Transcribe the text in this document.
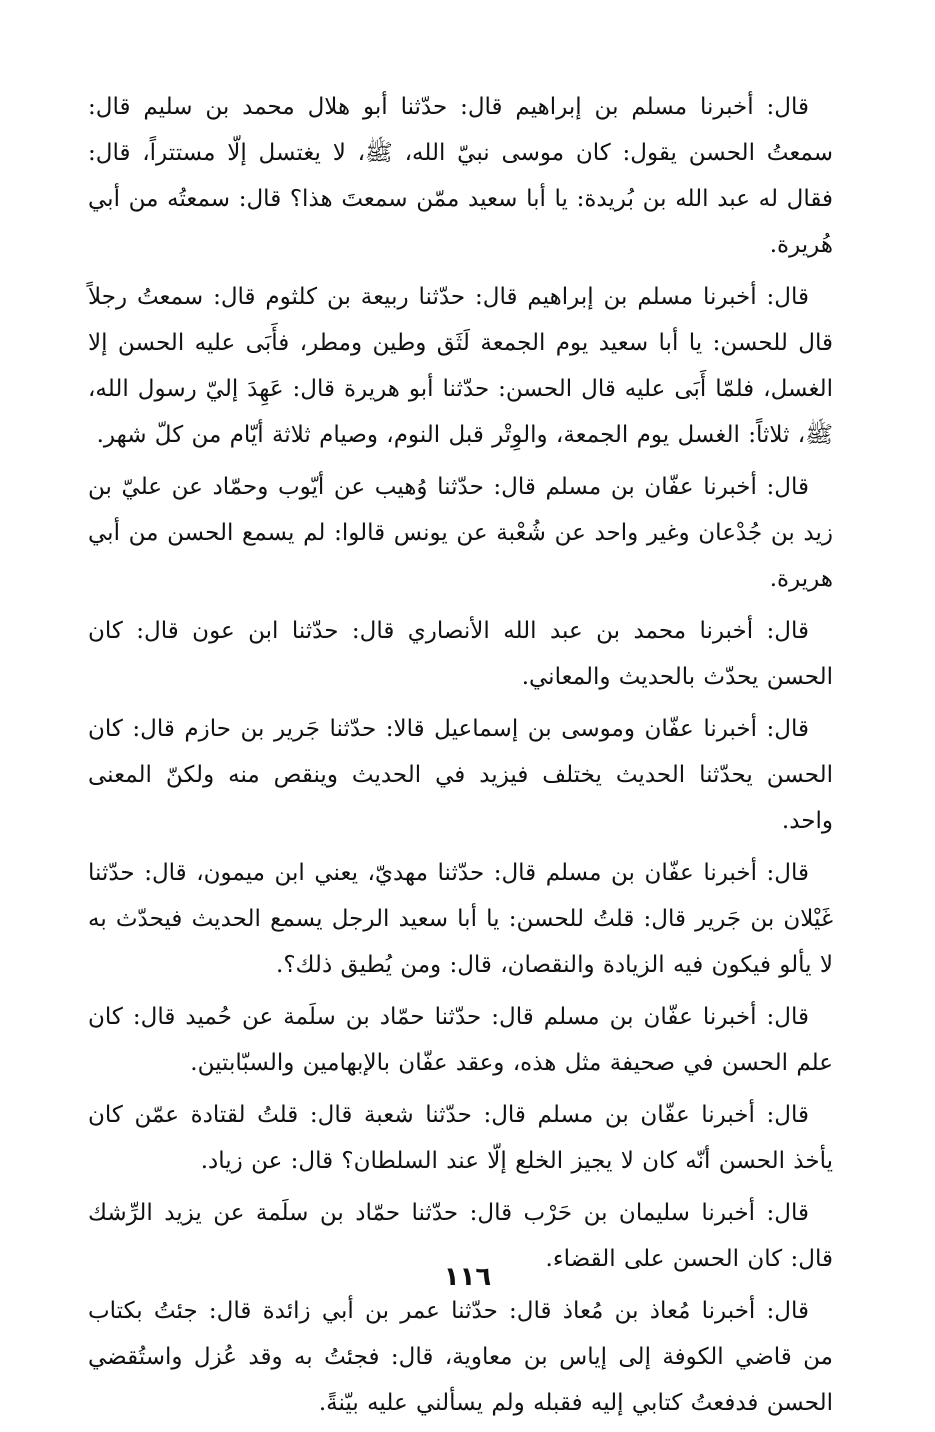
قال: أخبرنا مسلم بن إبراهيم قال: حدّثنا أبو هلال محمد بن سليم قال: سمعتُ الحسن يقول: كان موسى نبيّ الله، ﷺ، لا يغتسل إلّا مستتراً، قال: فقال له عبد الله بن بُريدة: يا أبا سعيد ممّن سمعتَ هذا؟ قال: سمعتُه من أبي هُريرة.

قال: أخبرنا مسلم بن إبراهيم قال: حدّثنا ربيعة بن كلثوم قال: سمعتُ رجلاً قال للحسن: يا أبا سعيد يوم الجمعة لَثَق وطين ومطر، فأَبَى عليه الحسن إلا الغسل، فلمّا أَبَى عليه قال الحسن: حدّثنا أبو هريرة قال: عَهِدَ إليّ رسول الله، ﷺ، ثلاثاً: الغسل يوم الجمعة، والوِتْر قبل النوم، وصيام ثلاثة أيّام من كلّ شهر.

قال: أخبرنا عفّان بن مسلم قال: حدّثنا وُهيب عن أيّوب وحمّاد عن عليّ بن زيد بن جُدْعان وغير واحد عن شُعْبة عن يونس قالوا: لم يسمع الحسن من أبي هريرة.

قال: أخبرنا محمد بن عبد الله الأنصاري قال: حدّثنا ابن عون قال: كان الحسن يحدّث بالحديث والمعاني.

قال: أخبرنا عفّان وموسى بن إسماعيل قالا: حدّثنا جَرير بن حازم قال: كان الحسن يحدّثنا الحديث يختلف فيزيد في الحديث وينقص منه ولكنّ المعنى واحد.

قال: أخبرنا عفّان بن مسلم قال: حدّثنا مهديّ، يعني ابن ميمون، قال: حدّثنا غَيْلان بن جَرير قال: قلتُ للحسن: يا أبا سعيد الرجل يسمع الحديث فيحدّث به لا يألو فيكون فيه الزيادة والنقصان، قال: ومن يُطيق ذلك؟.

قال: أخبرنا عفّان بن مسلم قال: حدّثنا حمّاد بن سلَمة عن حُميد قال: كان علم الحسن في صحيفة مثل هذه، وعقد عفّان بالإبهامين والسبّابتين.

قال: أخبرنا عفّان بن مسلم قال: حدّثنا شعبة قال: قلتُ لقتادة عمّن كان يأخذ الحسن أنّه كان لا يجيز الخلع إلّا عند السلطان؟ قال: عن زياد.

قال: أخبرنا سليمان بن حَرْب قال: حدّثنا حمّاد بن سلَمة عن يزيد الرِّشك قال: كان الحسن على القضاء.

قال: أخبرنا مُعاذ بن مُعاذ قال: حدّثنا عمر بن أبي زائدة قال: جئتُ بكتاب من قاضي الكوفة إلى إياس بن معاوية، قال: فجئتُ به وقد عُزل واستُقضي الحسن فدفعتُ كتابي إليه فقبله ولم يسألني عليه بيّنةً.

١١٦
